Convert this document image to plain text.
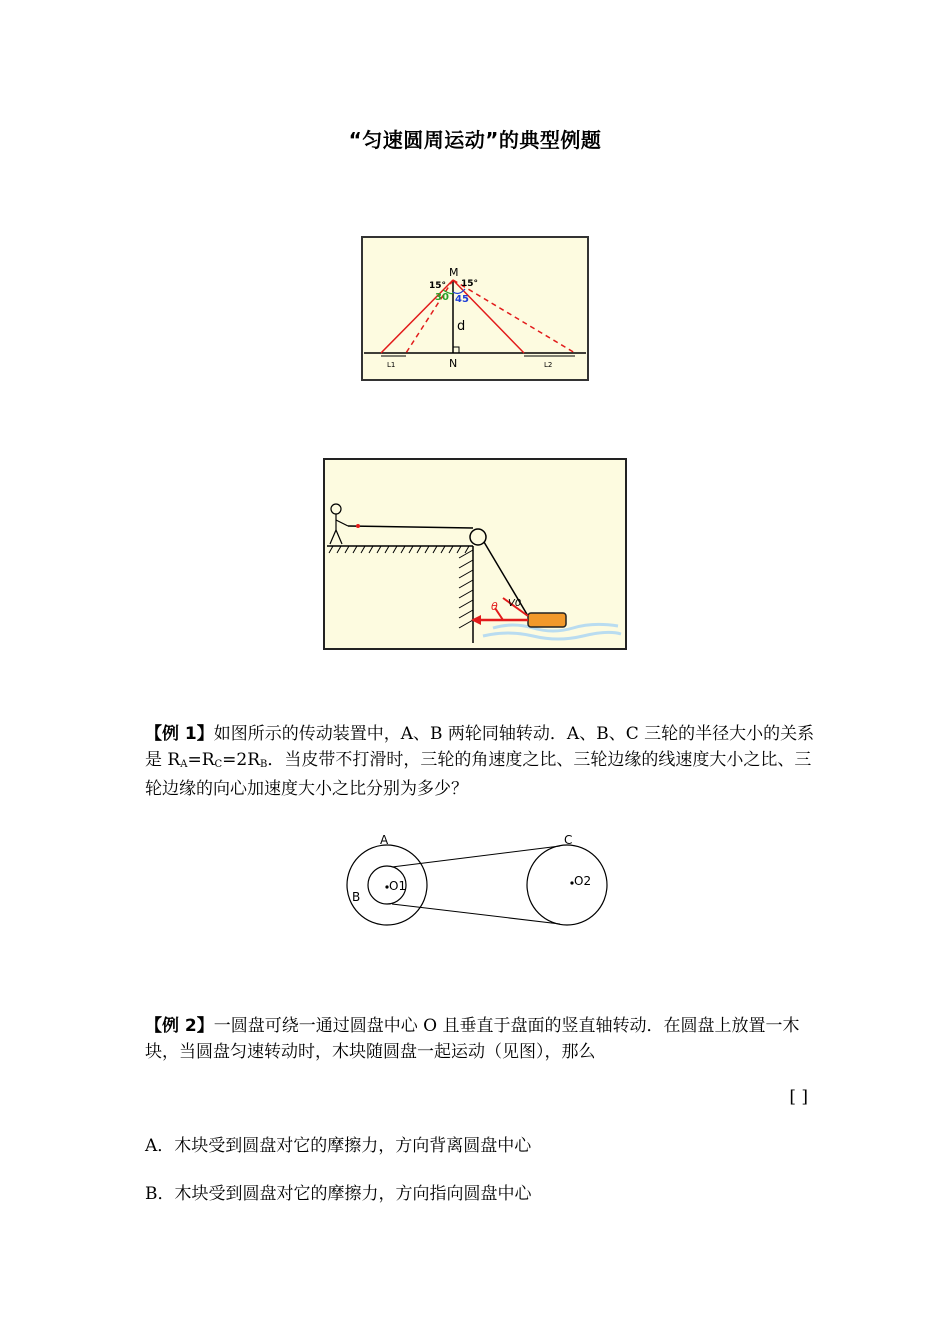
“匀速圆周运动”的典型例题
M
15° 15°
30 45
d
N
L1	L2
θ V0
【例 1】如图所示的传动装置中，A、B 两轮同轴转动．A、B、C 三轮的半径大小的关系是 $R_A=R_C=2R_B$．当皮带不打滑时，三轮的角速度之比、三轮边缘的线速度大小之比、三轮边缘的向心加速度大小之比分别为多少？
A
B
C
O1	O2
【例 2】一圆盘可绕一通过圆盘中心 O 且垂直于盘面的竖直轴转动．在圆盘上放置一木块，当圆盘匀速转动时，木块随圆盘一起运动（见图），那么
[ ]
A．木块受到圆盘对它的摩擦力，方向背离圆盘中心
B．木块受到圆盘对它的摩擦力，方向指向圆盘中心
